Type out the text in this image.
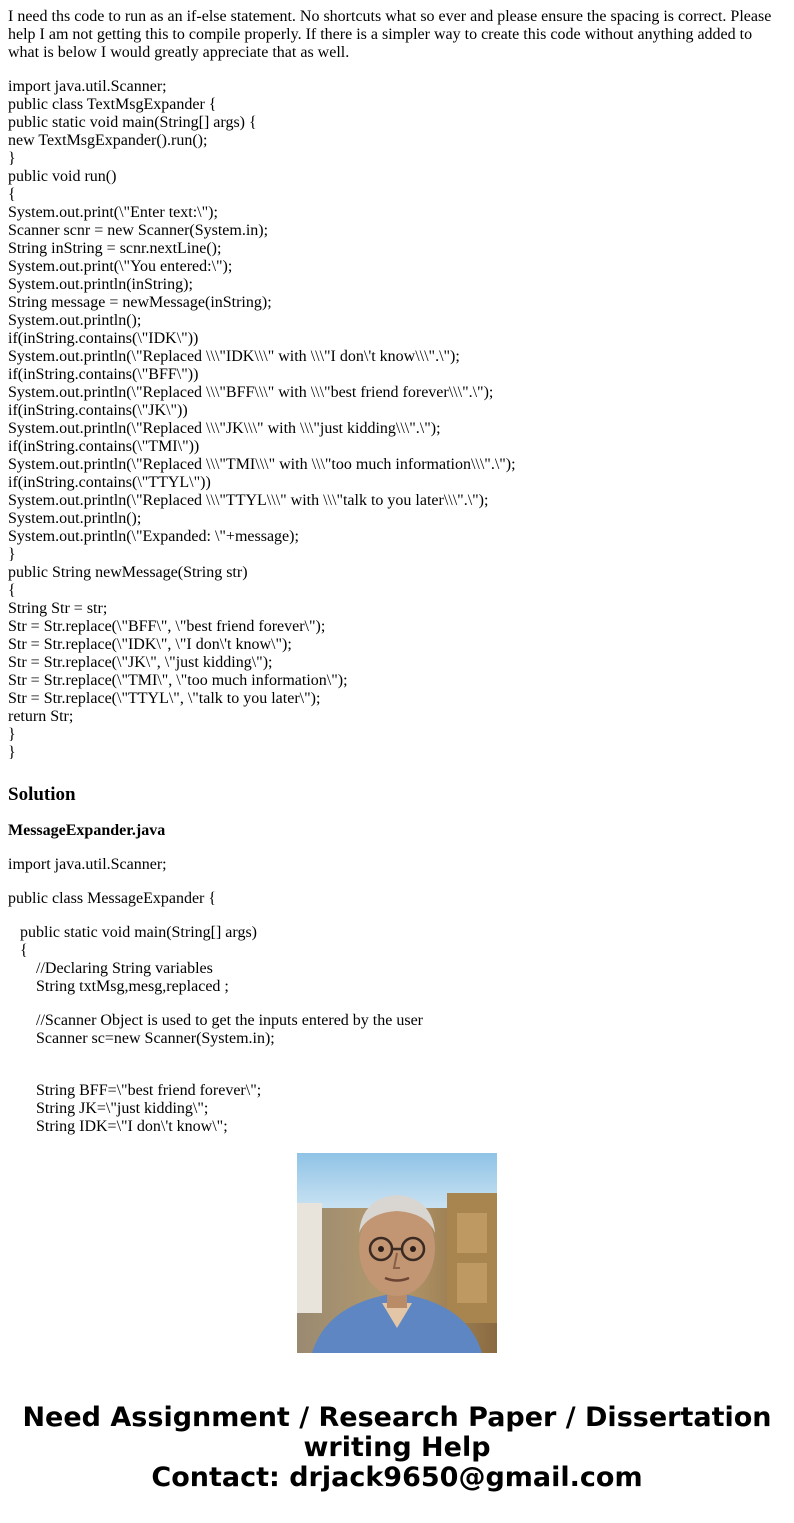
I need ths code to run as an if-else statement. No shortcuts what so ever and please ensure the spacing is correct. Please help I am not getting this to compile properly. If there is a simpler way to create this code without anything added to what is below I would greatly appreciate that as well.

import java.util.Scanner;
public class TextMsgExpander {
public static void main(String[] args) {
new TextMsgExpander().run();
}
public void run()
{
System.out.print(\"Enter text:\");
Scanner scnr = new Scanner(System.in);
String inString = scnr.nextLine();
System.out.print(\"You entered:\");
System.out.println(inString);
String message = newMessage(inString);
System.out.println();
if(inString.contains(\"IDK\"))
System.out.println(\"Replaced \\\"IDK\\\" with \\\"I don\'t know\\\".\");
if(inString.contains(\"BFF\"))
System.out.println(\"Replaced \\\"BFF\\\" with \\\"best friend forever\\\".\");
if(inString.contains(\"JK\"))
System.out.println(\"Replaced \\\"JK\\\" with \\\"just kidding\\\".\");
if(inString.contains(\"TMI\"))
System.out.println(\"Replaced \\\"TMI\\\" with \\\"too much information\\\".\");
if(inString.contains(\"TTYL\"))
System.out.println(\"Replaced \\\"TTYL\\\" with \\\"talk to you later\\\".\");
System.out.println();
System.out.println(\"Expanded: \"+message);
}
public String newMessage(String str)
{
String Str = str;
Str = Str.replace(\"BFF\", \"best friend forever\");
Str = Str.replace(\"IDK\", \"I don\'t know\");
Str = Str.replace(\"JK\", \"just kidding\");
Str = Str.replace(\"TMI\", \"too much information\");
Str = Str.replace(\"TTYL\", \"talk to you later\");
return Str;
}
}
Solution
MessageExpander.java
import java.util.Scanner;
public class MessageExpander {
public static void main(String[] args)
{
//Declaring String variables
String txtMsg,mesg,replaced ;
//Scanner Object is used to get the inputs entered by the user
Scanner sc=new Scanner(System.in);
String BFF=\"best friend forever\";
String JK=\"just kidding\";
String IDK=\"I don\'t know\";
Need Assignment / Research Paper / Dissertation
writing Help
Contact: drjack9650@gmail.com
